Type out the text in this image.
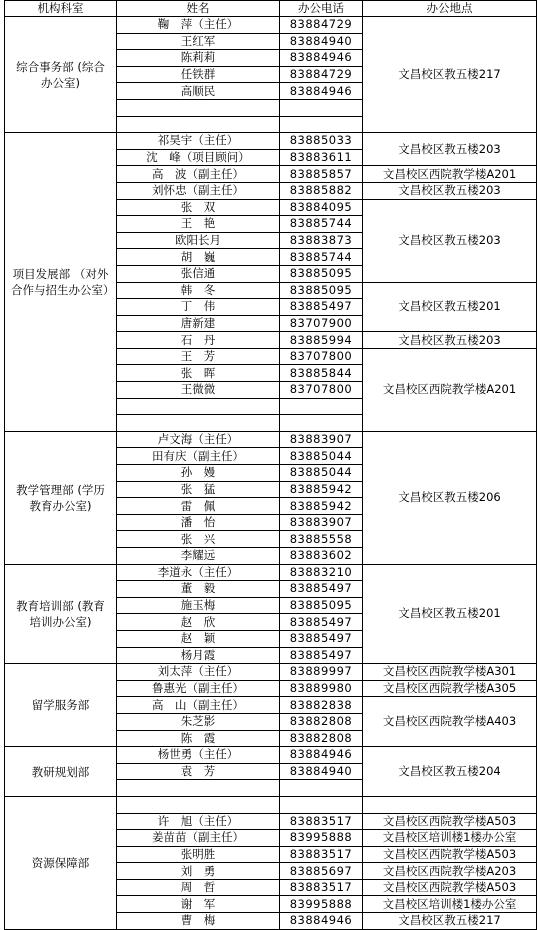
机构科室	姓名	办公电话	办公地点
综合事务部 (综合办公室)	鞠　萍（主任）	83884729	文昌校区教五楼217
	王红军	83884940	
	陈莉莉	83884946	
	任铁群	83884729	
	高顺民	83884946	

项目发展部 （对外合作与招生办公室）	祁昊宇（主任）	83885033	文昌校区教五楼203
	沈　峰（项目顾问）	83883611	
	高　波（副主任）	83885857	文昌校区西院教学楼A201
	刘怀忠（副主任）	83885882	文昌校区教五楼203
	张　双	83884095	文昌校区教五楼203
	王　艳	83885744	
	欧阳长月	83883873	
	胡　巍	83885744	
	张信通	83885095	
	韩　冬	83885095	文昌校区教五楼201
	丁　伟	83885497	
	唐新建	83707900	
	石　丹	83885994	文昌校区教五楼203
	王　芳	83707800	文昌校区西院教学楼A201
	张　晖	83885844	
	王微微	83707800	

教学管理部 (学历教育办公室)	卢文海（主任）	83883907	文昌校区教五楼206
	田有庆（副主任）	83885044	
	孙　嫚	83885044	
	张　猛	83885942	
	雷　佩	83885942	
	潘　怡	83883907	
	张　兴	83885558	
	李耀远	83883602	
教育培训部 (教育培训办公室)	李道永（主任）	83883210	文昌校区教五楼201
	董　毅	83885497	
	施玉梅	83885095	
	赵　欣	83885497	
	赵　颖	83885497	
	杨月霞	83885497	
留学服务部	刘太萍（主任）	83889997	文昌校区西院教学楼A301
	鲁惠光（副主任）	83889980	文昌校区西院教学楼A305
	高　山（副主任）	83882838	文昌校区西院教学楼A403
	朱芝影	83882808	
	陈　霞	83882808	
教研规划部	杨世勇（主任）	83884946	文昌校区教五楼204
	袁　芳	83884940	

资源保障部			
	许　旭（主任）	83883517	文昌校区西院教学楼A503
	姜苗苗（副主任）	83995888	文昌校区培训楼1楼办公室
	张明胜	83883517	文昌校区西院教学楼A503
	刘　勇	83885697	文昌校区西院教学楼A203
	周　哲	83883517	文昌校区西院教学楼A503
	谢　军	83995888	文昌校区培训楼1楼办公室
	曹　梅	83884946	文昌校区教五楼217
